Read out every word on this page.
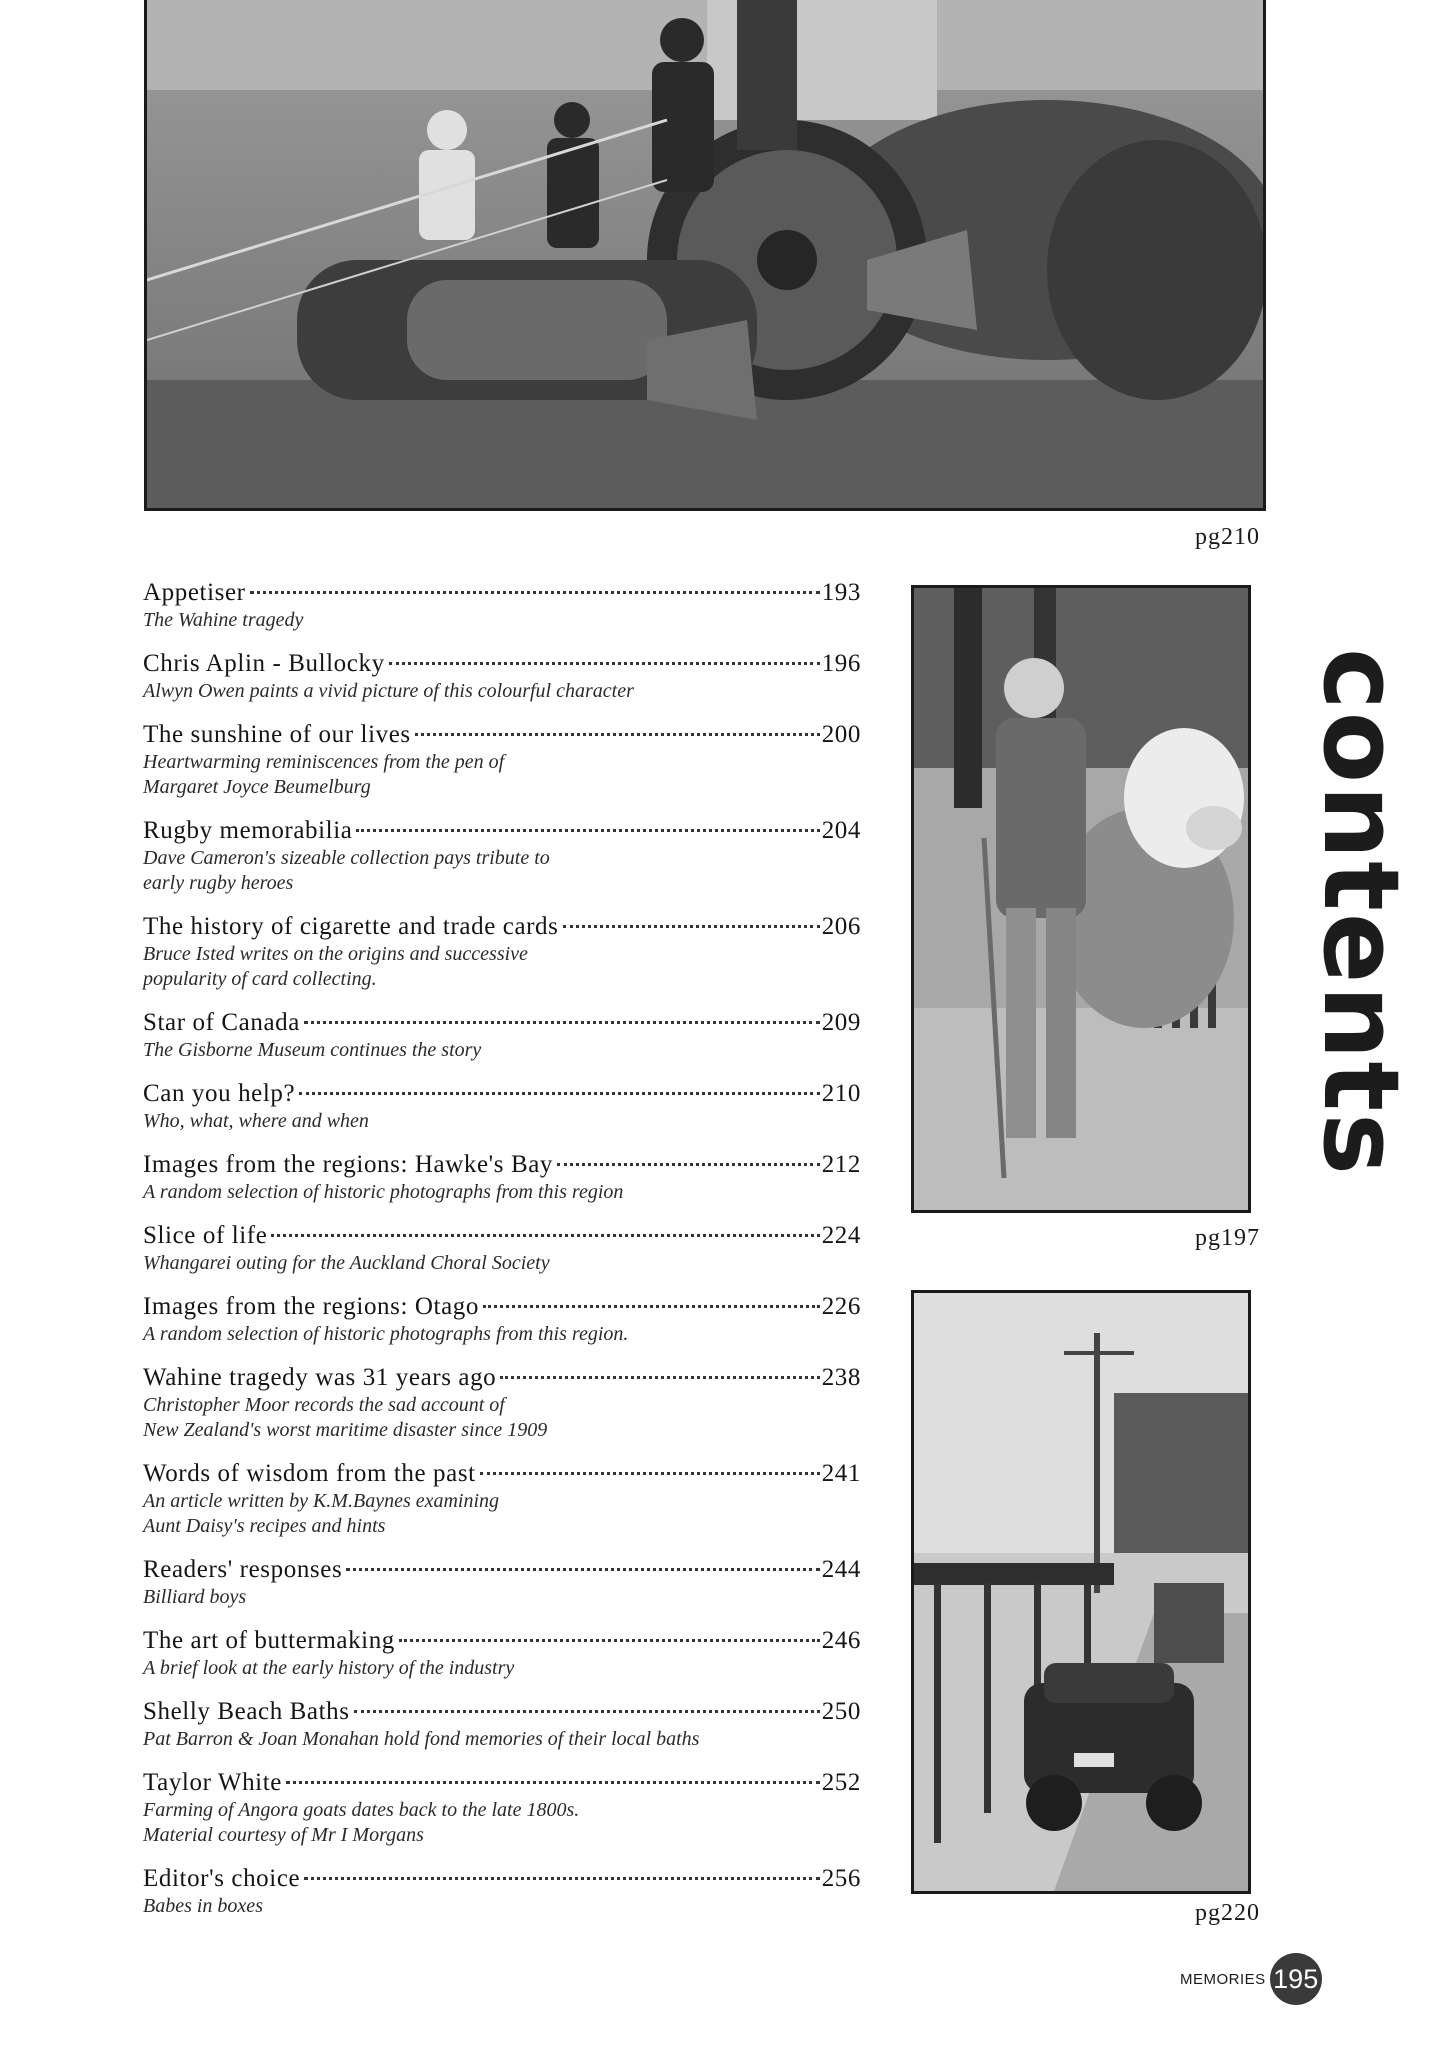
pg210
contents
Appetiser	193
The Wahine tragedy
Chris Aplin - Bullocky	196
Alwyn Owen paints a vivid picture of this colourful character
The sunshine of our lives	200
Heartwarming reminiscences from the pen of
Margaret Joyce Beumelburg
Rugby memorabilia	204
Dave Cameron's sizeable collection pays tribute to
early rugby heroes
The history of cigarette and trade cards	206
Bruce Isted writes on the origins and successive
popularity of card collecting.
Star of Canada	209
The Gisborne Museum continues the story
Can you help?	210
Who, what, where and when
Images from the regions: Hawke's Bay	212
A random selection of historic photographs from this region
Slice of life	224
Whangarei outing for the Auckland Choral Society
Images from the regions: Otago	226
A random selection of historic photographs from this region.
Wahine tragedy was 31 years ago	238
Christopher Moor records the sad account of
New Zealand's worst maritime disaster since 1909
Words of wisdom from the past	241
An article written by K.M.Baynes examining
Aunt Daisy's recipes and hints
Readers' responses	244
Billiard boys
The art of buttermaking	246
A brief look at the early history of the industry
Shelly Beach Baths	250
Pat Barron & Joan Monahan hold fond memories of their local baths
Taylor White	252
Farming of Angora goats dates back to the late 1800s.
Material courtesy of Mr I Morgans
Editor's choice	256
Babes in boxes
pg197
pg220
MEMORIES 195
